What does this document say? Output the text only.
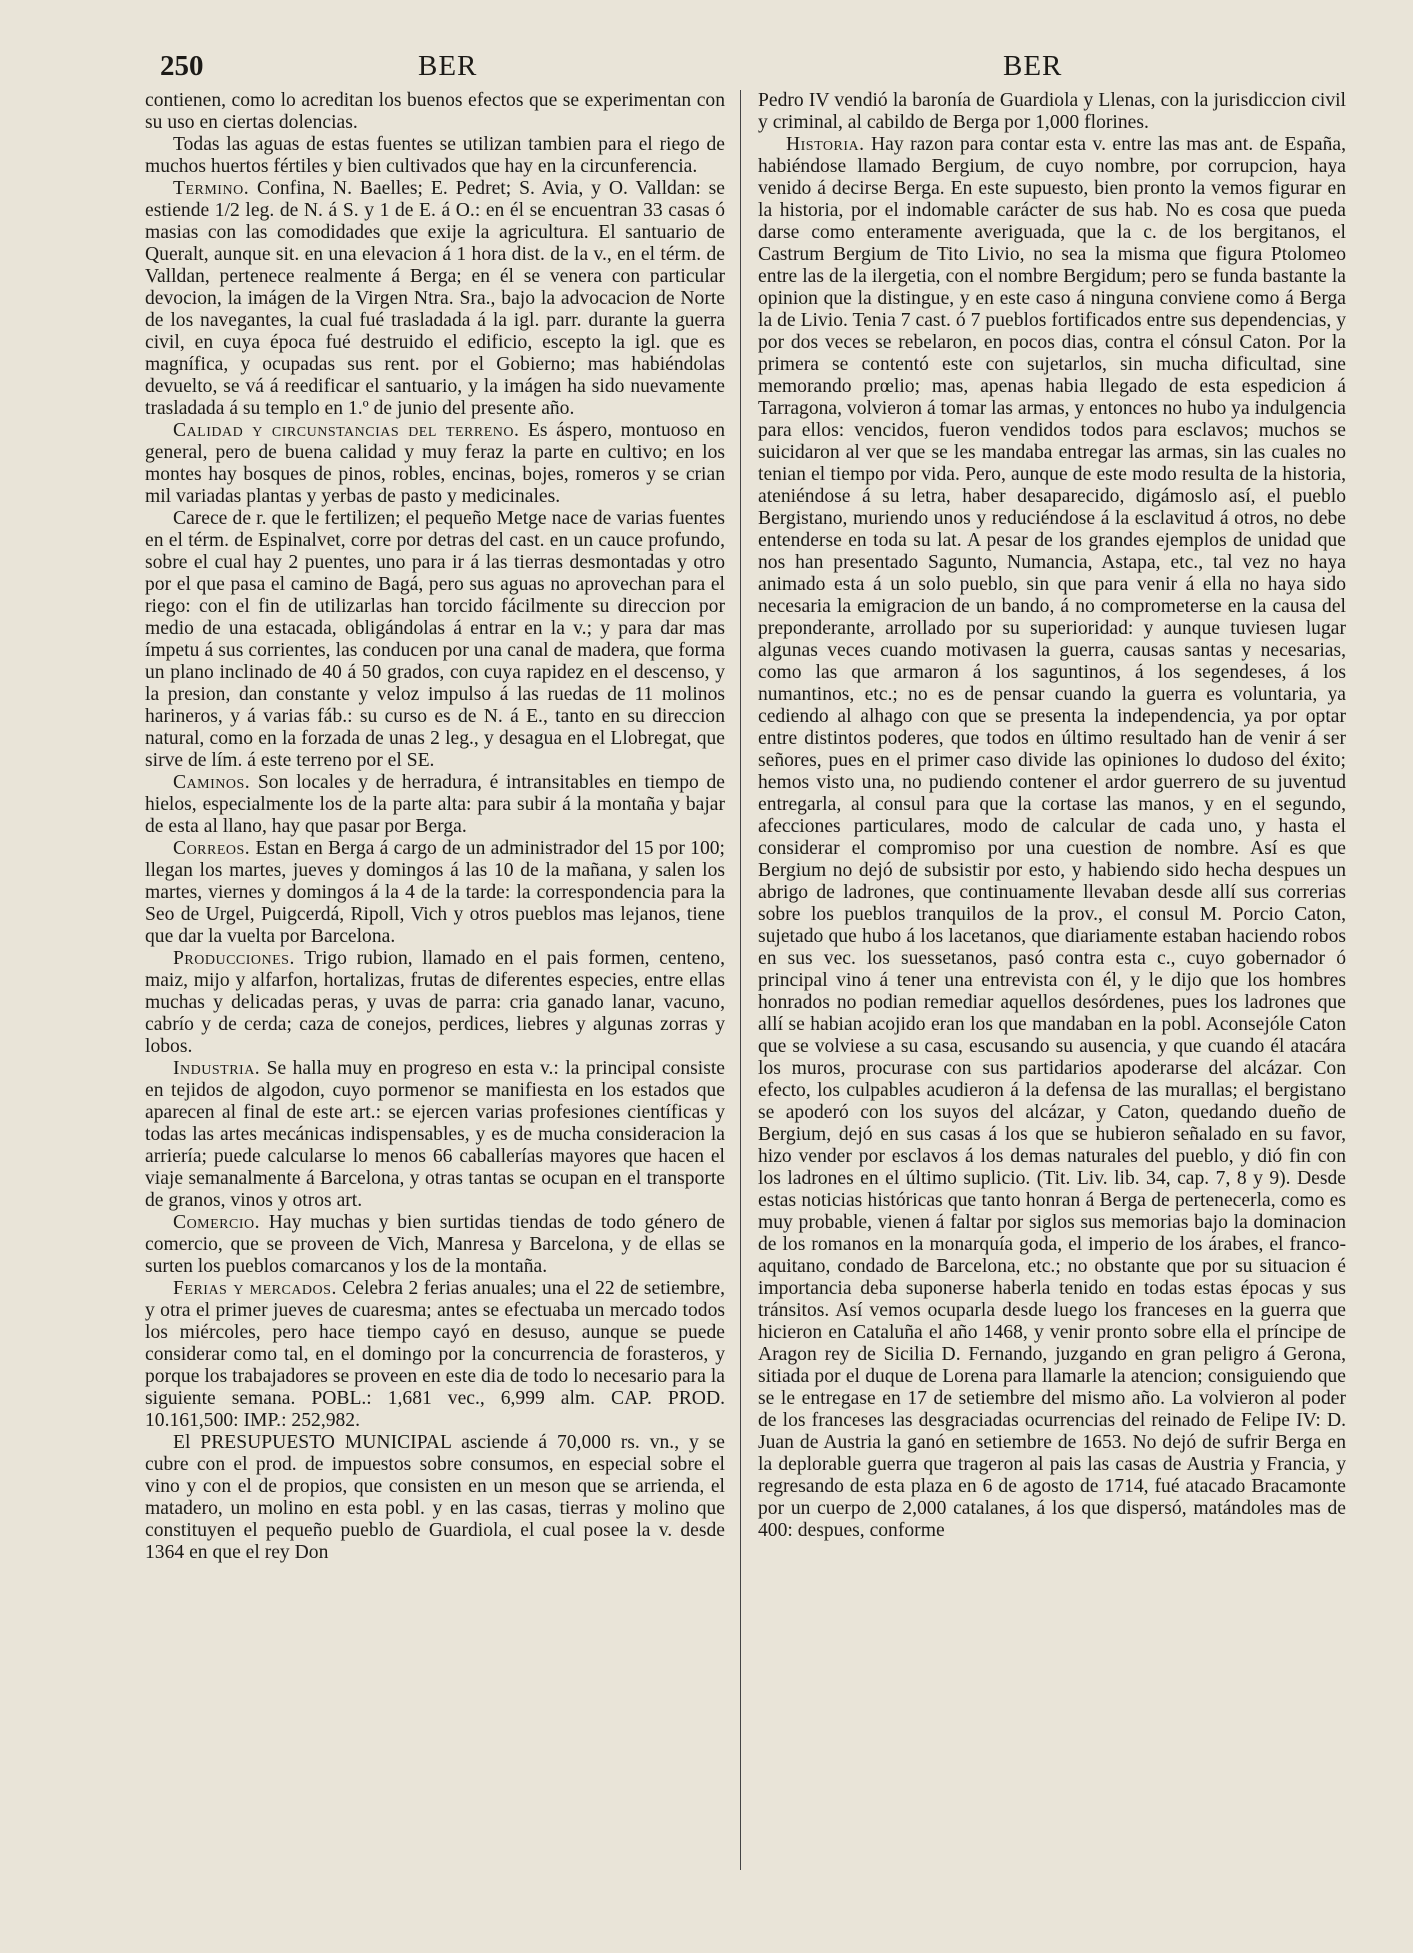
250	BER	BER

contienen, como lo acreditan los buenos efectos que se experimentan con su uso en ciertas dolencias.

Todas las aguas de estas fuentes se utilizan tambien para el riego de muchos huertos fértiles y bien cultivados que hay en la circunferencia.

Termino. Confina, N. Baelles; E. Pedret; S. Avia, y O. Valldan: se estiende 1/2 leg. de N. á S. y 1 de E. á O.: en él se encuentran 33 casas ó masias con las comodidades que exije la agricultura. El santuario de Queralt, aunque sit. en una elevacion á 1 hora dist. de la v., en el térm. de Valldan, pertenece realmente á Berga; en él se venera con particular devocion, la imágen de la Virgen Ntra. Sra., bajo la advocacion de Norte de los navegantes, la cual fué trasladada á la igl. parr. durante la guerra civil, en cuya época fué destruido el edificio, escepto la igl. que es magnífica, y ocupadas sus rent. por el Gobierno; mas habiéndolas devuelto, se vá á reedificar el santuario, y la imágen ha sido nuevamente trasladada á su templo en 1.º de junio del presente año.

Calidad y circunstancias del terreno. Es áspero, montuoso en general, pero de buena calidad y muy feraz la parte en cultivo; en los montes hay bosques de pinos, robles, encinas, bojes, romeros y se crian mil variadas plantas y yerbas de pasto y medicinales.

Carece de r. que le fertilizen; el pequeño Metge nace de varias fuentes en el térm. de Espinalvet, corre por detras del cast. en un cauce profundo, sobre el cual hay 2 puentes, uno para ir á las tierras desmontadas y otro por el que pasa el camino de Bagá, pero sus aguas no aprovechan para el riego: con el fin de utilizarlas han torcido fácilmente su direccion por medio de una estacada, obligándolas á entrar en la v.; y para dar mas ímpetu á sus corrientes, las conducen por una canal de madera, que forma un plano inclinado de 40 á 50 grados, con cuya rapidez en el descenso, y la presion, dan constante y veloz impulso á las ruedas de 11 molinos harineros, y á varias fáb.: su curso es de N. á E., tanto en su direccion natural, como en la forzada de unas 2 leg., y desagua en el Llobregat, que sirve de lím. á este terreno por el SE.

Caminos. Son locales y de herradura, é intransitables en tiempo de hielos, especialmente los de la parte alta: para subir á la montaña y bajar de esta al llano, hay que pasar por Berga.

Correos. Estan en Berga á cargo de un administrador del 15 por 100; llegan los martes, jueves y domingos á las 10 de la mañana, y salen los martes, viernes y domingos á la 4 de la tarde: la correspondencia para la Seo de Urgel, Puigcerdá, Ripoll, Vich y otros pueblos mas lejanos, tiene que dar la vuelta por Barcelona.

Producciones. Trigo rubion, llamado en el pais formen, centeno, maiz, mijo y alfarfon, hortalizas, frutas de diferentes especies, entre ellas muchas y delicadas peras, y uvas de parra: cria ganado lanar, vacuno, cabrío y de cerda; caza de conejos, perdices, liebres y algunas zorras y lobos.

Industria. Se halla muy en progreso en esta v.: la principal consiste en tejidos de algodon, cuyo pormenor se manifiesta en los estados que aparecen al final de este art.: se ejercen varias profesiones científicas y todas las artes mecánicas indispensables, y es de mucha consideracion la arriería; puede calcularse lo menos 66 caballerías mayores que hacen el viaje semanalmente á Barcelona, y otras tantas se ocupan en el transporte de granos, vinos y otros art.

Comercio. Hay muchas y bien surtidas tiendas de todo género de comercio, que se proveen de Vich, Manresa y Barcelona, y de ellas se surten los pueblos comarcanos y los de la montaña.

Ferias y mercados. Celebra 2 ferias anuales; una el 22 de setiembre, y otra el primer jueves de cuaresma; antes se efectuaba un mercado todos los miércoles, pero hace tiempo cayó en desuso, aunque se puede considerar como tal, en el domingo por la concurrencia de forasteros, y porque los trabajadores se proveen en este dia de todo lo necesario para la siguiente semana. POBL.: 1,681 vec., 6,999 alm. CAP. PROD. 10.161,500: IMP.: 252,982.

El PRESUPUESTO MUNICIPAL asciende á 70,000 rs. vn., y se cubre con el prod. de impuestos sobre consumos, en especial sobre el vino y con el de propios, que consisten en un meson que se arrienda, el matadero, un molino en esta pobl. y en las casas, tierras y molino que constituyen el pequeño pueblo de Guardiola, el cual posee la v. desde 1364 en que el rey Don

Pedro IV vendió la baronía de Guardiola y Llenas, con la jurisdiccion civil y criminal, al cabildo de Berga por 1,000 florines.

Historia. Hay razon para contar esta v. entre las mas ant. de España, habiéndose llamado Bergium, de cuyo nombre, por corrupcion, haya venido á decirse Berga. En este supuesto, bien pronto la vemos figurar en la historia, por el indomable carácter de sus hab. No es cosa que pueda darse como enteramente averiguada, que la c. de los bergitanos, el Castrum Bergium de Tito Livio, no sea la misma que figura Ptolomeo entre las de la ilergetia, con el nombre Bergidum; pero se funda bastante la opinion que la distingue, y en este caso á ninguna conviene como á Berga la de Livio. Tenia 7 cast. ó 7 pueblos fortificados entre sus dependencias, y por dos veces se rebelaron, en pocos dias, contra el cónsul Caton. Por la primera se contentó este con sujetarlos, sin mucha dificultad, sine memorando prœlio; mas, apenas habia llegado de esta espedicion á Tarragona, volvieron á tomar las armas, y entonces no hubo ya indulgencia para ellos: vencidos, fueron vendidos todos para esclavos; muchos se suicidaron al ver que se les mandaba entregar las armas, sin las cuales no tenian el tiempo por vida. Pero, aunque de este modo resulta de la historia, ateniéndose á su letra, haber desaparecido, digámoslo así, el pueblo Bergistano, muriendo unos y reduciéndose á la esclavitud á otros, no debe entenderse en toda su lat. A pesar de los grandes ejemplos de unidad que nos han presentado Sagunto, Numancia, Astapa, etc., tal vez no haya animado esta á un solo pueblo, sin que para venir á ella no haya sido necesaria la emigracion de un bando, á no comprometerse en la causa del preponderante, arrollado por su superioridad: y aunque tuviesen lugar algunas veces cuando motivasen la guerra, causas santas y necesarias, como las que armaron á los saguntinos, á los segendeses, á los numantinos, etc.; no es de pensar cuando la guerra es voluntaria, ya cediendo al alhago con que se presenta la independencia, ya por optar entre distintos poderes, que todos en último resultado han de venir á ser señores, pues en el primer caso divide las opiniones lo dudoso del éxito; hemos visto una, no pudiendo contener el ardor guerrero de su juventud entregarla, al consul para que la cortase las manos, y en el segundo, afecciones particulares, modo de calcular de cada uno, y hasta el considerar el compromiso por una cuestion de nombre. Así es que Bergium no dejó de subsistir por esto, y habiendo sido hecha despues un abrigo de ladrones, que continuamente llevaban desde allí sus correrias sobre los pueblos tranquilos de la prov., el consul M. Porcio Caton, sujetado que hubo á los lacetanos, que diariamente estaban haciendo robos en sus vec. los suessetanos, pasó contra esta c., cuyo gobernador ó principal vino á tener una entrevista con él, y le dijo que los hombres honrados no podian remediar aquellos desórdenes, pues los ladrones que allí se habian acojido eran los que mandaban en la pobl. Aconsejóle Caton que se volviese a su casa, escusando su ausencia, y que cuando él atacára los muros, procurase con sus partidarios apoderarse del alcázar. Con efecto, los culpables acudieron á la defensa de las murallas; el bergistano se apoderó con los suyos del alcázar, y Caton, quedando dueño de Bergium, dejó en sus casas á los que se hubieron señalado en su favor, hizo vender por esclavos á los demas naturales del pueblo, y dió fin con los ladrones en el último suplicio. (Tit. Liv. lib. 34, cap. 7, 8 y 9). Desde estas noticias históricas que tanto honran á Berga de pertenecerla, como es muy probable, vienen á faltar por siglos sus memorias bajo la dominacion de los romanos en la monarquía goda, el imperio de los árabes, el franco-aquitano, condado de Barcelona, etc.; no obstante que por su situacion é importancia deba suponerse haberla tenido en todas estas épocas y sus tránsitos. Así vemos ocuparla desde luego los franceses en la guerra que hicieron en Cataluña el año 1468, y venir pronto sobre ella el príncipe de Aragon rey de Sicilia D. Fernando, juzgando en gran peligro á Gerona, sitiada por el duque de Lorena para llamarle la atencion; consiguiendo que se le entregase en 17 de setiembre del mismo año. La volvieron al poder de los franceses las desgraciadas ocurrencias del reinado de Felipe IV: D. Juan de Austria la ganó en setiembre de 1653. No dejó de sufrir Berga en la deplorable guerra que trageron al pais las casas de Austria y Francia, y regresando de esta plaza en 6 de agosto de 1714, fué atacado Bracamonte por un cuerpo de 2,000 catalanes, á los que dispersó, matándoles mas de 400: despues, conforme
